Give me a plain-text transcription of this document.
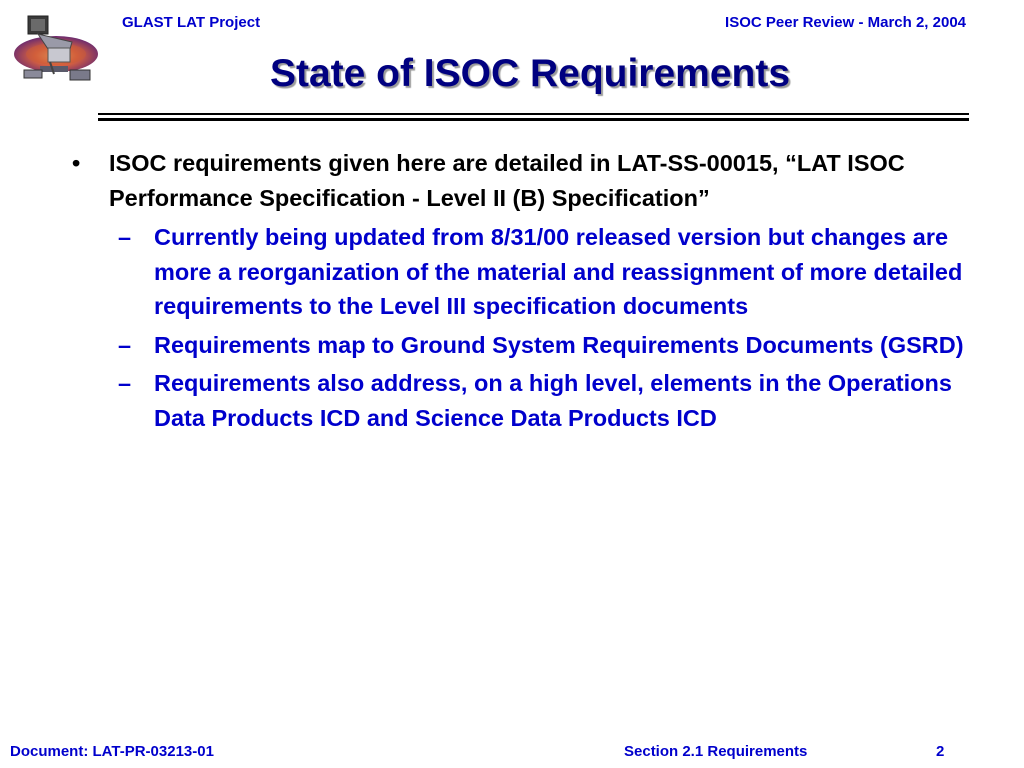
GLAST LAT Project	ISOC Peer Review - March 2, 2004
State of ISOC Requirements
•	ISOC requirements given here are detailed in LAT-SS-00015, “LAT ISOC Performance Specification - Level II (B) Specification”
– Currently being updated from 8/31/00 released version but changes are more a reorganization of the material and reassignment of more detailed requirements to the Level III specification documents
– Requirements map to Ground System Requirements Documents (GSRD)
– Requirements also address, on a high level, elements in the Operations Data Products ICD and Science Data Products ICD
Document: LAT-PR-03213-01	Section 2.1 Requirements	2
